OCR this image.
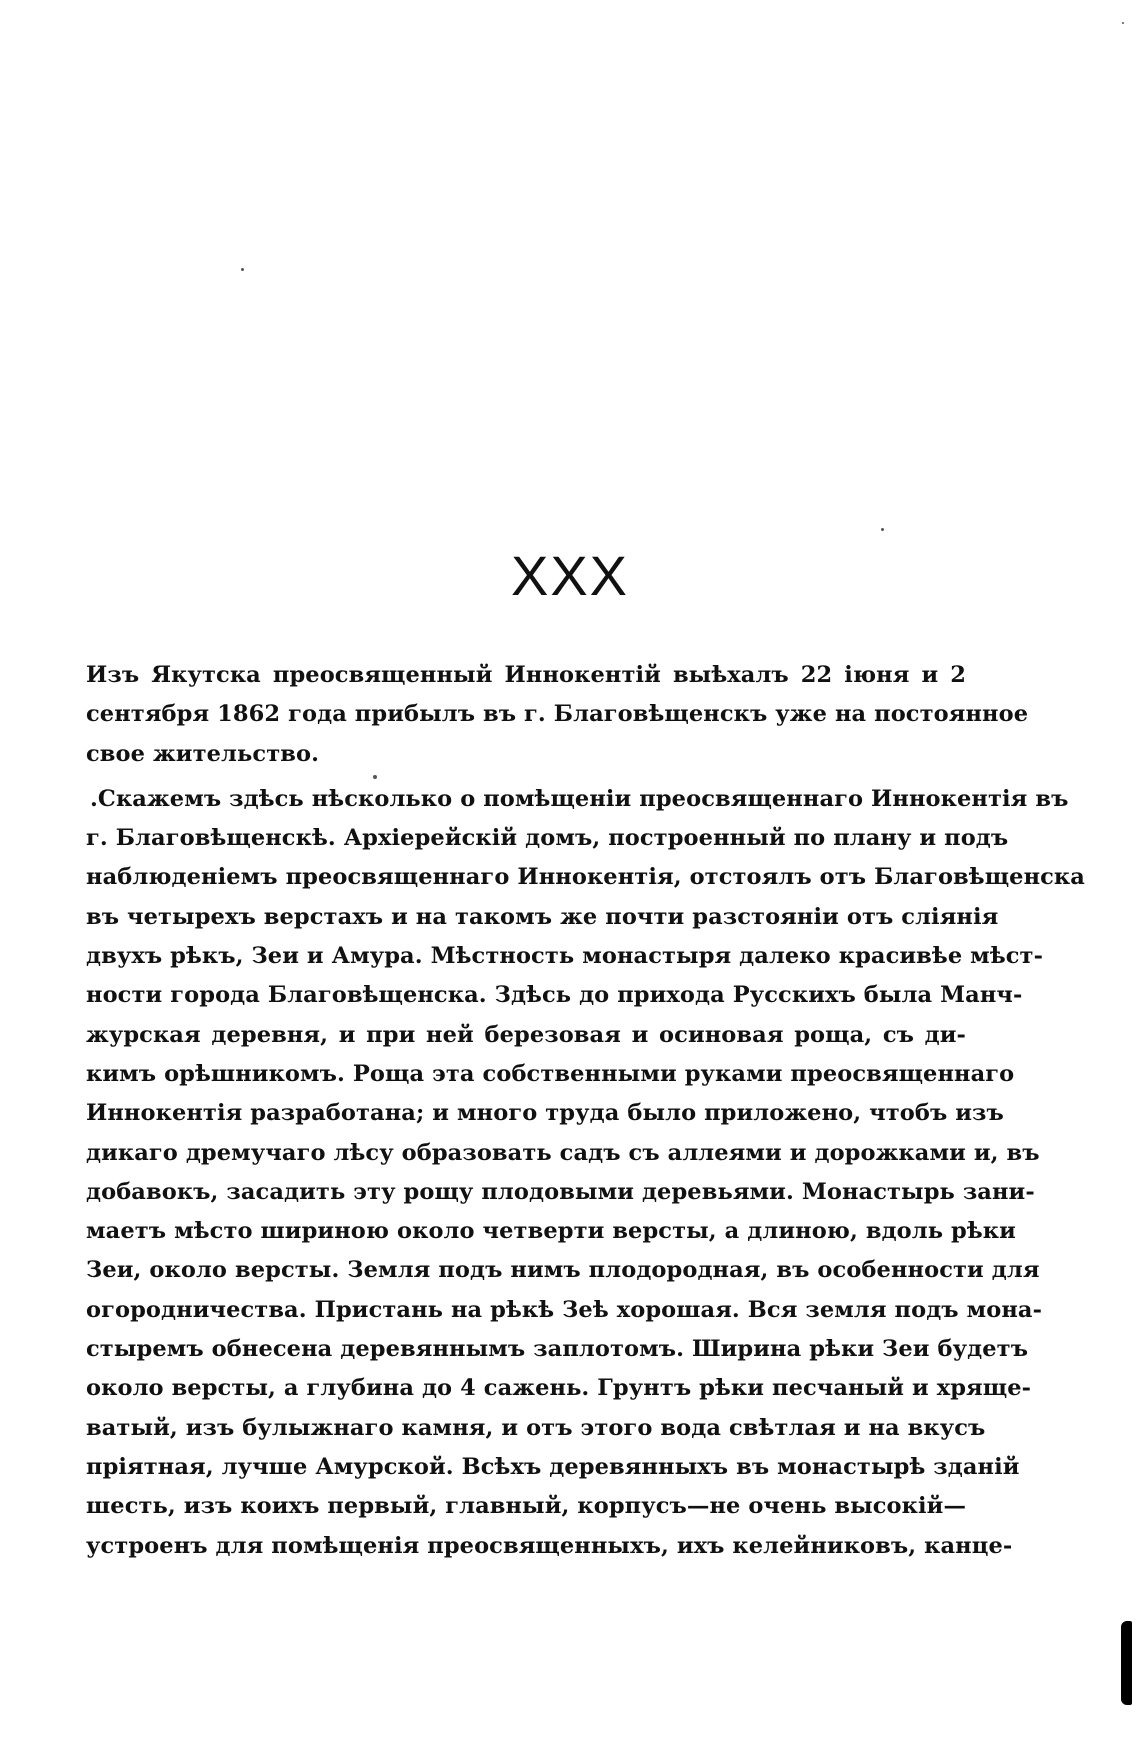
XXX
Изъ Якутска преосвященный Иннокентій выѣхалъ 22 іюня и 2
сентября 1862 года прибылъ въ г. Благовѣщенскъ уже на постоянное
свое жительство.
.Скажемъ здѣсь нѣсколько о помѣщеніи преосвященнаго Иннокентія въ
г. Благовѣщенскѣ. Архіерейскій домъ, построенный по плану и подъ
наблюденіемъ преосвященнаго Иннокентія, отстоялъ отъ Благовѣщенска
въ четырехъ верстахъ и на такомъ же почти разстояніи отъ сліянія
двухъ рѣкъ, Зеи и Амура. Мѣстность монастыря далеко красивѣе мѣст-
ности города Благовѣщенска. Здѣсь до прихода Русскихъ была Манч-
журская деревня, и при ней березовая и осиновая роща, съ ди-
кимъ орѣшникомъ. Роща эта собственными руками преосвященнаго
Иннокентія разработана; и много труда было приложено, чтобъ изъ
дикаго дремучаго лѣсу образовать садъ съ аллеями и дорожками и, въ
добавокъ, засадить эту рощу плодовыми деревьями. Монастырь зани-
маетъ мѣсто шириною около четверти версты, а длиною, вдоль рѣки
Зеи, около версты. Земля подъ нимъ плодородная, въ особенности для
огородничества. Пристань на рѣкѣ Зеѣ хорошая. Вся земля подъ мона-
стыремъ обнесена деревяннымъ заплотомъ. Ширина рѣки Зеи будетъ
около версты, а глубина до 4 сажень. Грунтъ рѣки песчаный и хряще-
ватый, изъ булыжнаго камня, и отъ этого вода свѣтлая и на вкусъ
пріятная, лучше Амурской. Всѣхъ деревянныхъ въ монастырѣ зданій
шесть, изъ коихъ первый, главный, корпусъ—не очень высокій—
устроенъ для помѣщенія преосвященныхъ, ихъ келейниковъ, канце-
